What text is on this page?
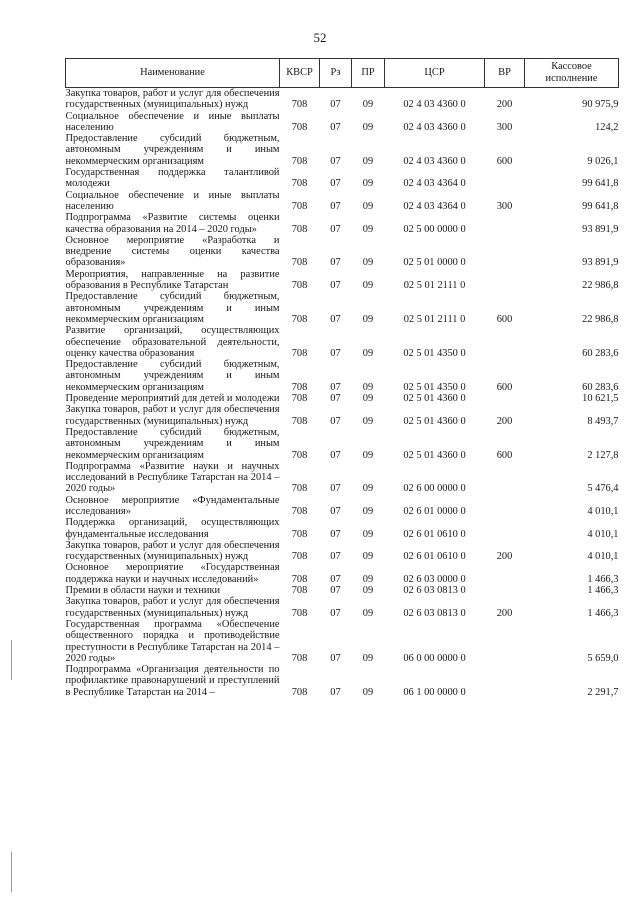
52
Наименование	КВСР	Рз	ПР	ЦСР	ВР	Кассовое исполнение
Закупка товаров, работ и услуг для обеспечения государственных (муниципальных) нужд	708	07	09	02 4 03 4360 0	200	90 975,9
Социальное обеспечение и иные выплаты населению	708	07	09	02 4 03 4360 0	300	124,2
Предоставление субсидий бюджетным, автономным учреждениям и иным некоммерческим организациям	708	07	09	02 4 03 4360 0	600	9 026,1
Государственная поддержка талантливой молодежи	708	07	09	02 4 03 4364 0		99 641,8
Социальное обеспечение и иные выплаты населению	708	07	09	02 4 03 4364 0	300	99 641,8
Подпрограмма «Развитие системы оценки качества образования на 2014 – 2020 годы»	708	07	09	02 5 00 0000 0		93 891,9
Основное мероприятие «Разработка и внедрение системы оценки качества образования»	708	07	09	02 5 01 0000 0		93 891,9
Мероприятия, направленные на развитие образования в Республике Татарстан	708	07	09	02 5 01 2111 0		22 986,8
Предоставление субсидий бюджетным, автономным учреждениям и иным некоммерческим организациям	708	07	09	02 5 01 2111 0	600	22 986,8
Развитие организаций, осуществляющих обеспечение образовательной деятельности, оценку качества образования	708	07	09	02 5 01 4350 0		60 283,6
Предоставление субсидий бюджетным, автономным учреждениям и иным некоммерческим организациям	708	07	09	02 5 01 4350 0	600	60 283,6
Проведение мероприятий для детей и молодежи	708	07	09	02 5 01 4360 0		10 621,5
Закупка товаров, работ и услуг для обеспечения государственных (муниципальных) нужд	708	07	09	02 5 01 4360 0	200	8 493,7
Предоставление субсидий бюджетным, автономным учреждениям и иным некоммерческим организациям	708	07	09	02 5 01 4360 0	600	2 127,8
Подпрограмма «Развитие науки и научных исследований в Республике Татарстан на 2014 – 2020 годы»	708	07	09	02 6 00 0000 0		5 476,4
Основное мероприятие «Фундаментальные исследования»	708	07	09	02 6 01 0000 0		4 010,1
Поддержка организаций, осуществляющих фундаментальные исследования	708	07	09	02 6 01 0610 0		4 010,1
Закупка товаров, работ и услуг для обеспечения государственных (муниципальных) нужд	708	07	09	02 6 01 0610 0	200	4 010,1
Основное мероприятие «Государственная поддержка науки и научных исследований»	708	07	09	02 6 03 0000 0		1 466,3
Премии в области науки и техники	708	07	09	02 6 03 0813 0		1 466,3
Закупка товаров, работ и услуг для обеспечения государственных (муниципальных) нужд	708	07	09	02 6 03 0813 0	200	1 466,3
Государственная программа «Обеспечение общественного порядка и противодействие преступности в Республике Татарстан на 2014 – 2020 годы»	708	07	09	06 0 00 0000 0		5 659,0
Подпрограмма «Организация деятельности по профилактике правонарушений и преступлений в Республике Татарстан на 2014 –	708	07	09	06 1 00 0000 0		2 291,7
